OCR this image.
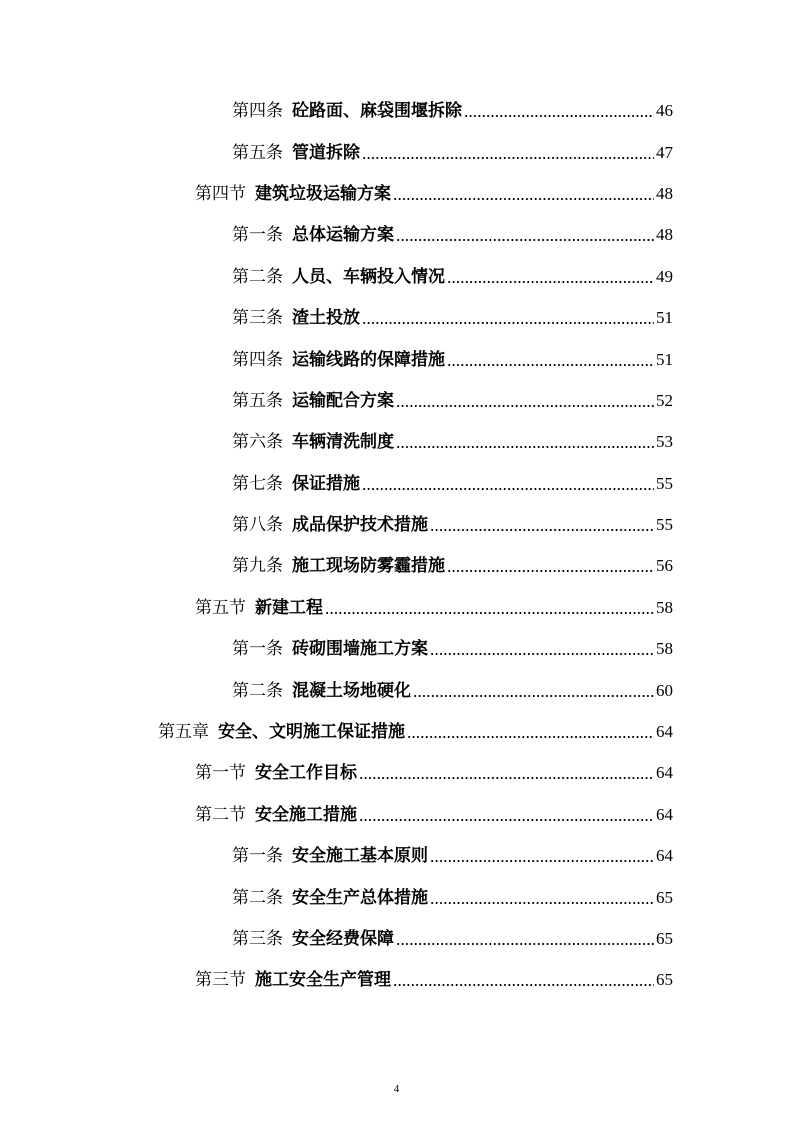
第四条 砼路面、麻袋围堰拆除	46
第五条 管道拆除	47
第四节 建筑垃圾运输方案	48
第一条 总体运输方案	48
第二条 人员、车辆投入情况	49
第三条 渣土投放	51
第四条 运输线路的保障措施	51
第五条 运输配合方案	52
第六条 车辆清洗制度	53
第七条 保证措施	55
第八条 成品保护技术措施	55
第九条 施工现场防雾霾措施	56
第五节 新建工程	58
第一条 砖砌围墙施工方案	58
第二条 混凝土场地硬化	60
第五章 安全、文明施工保证措施	64
第一节 安全工作目标	64
第二节 安全施工措施	64
第一条 安全施工基本原则	64
第二条 安全生产总体措施	65
第三条 安全经费保障	65
第三节 施工安全生产管理	65
4
